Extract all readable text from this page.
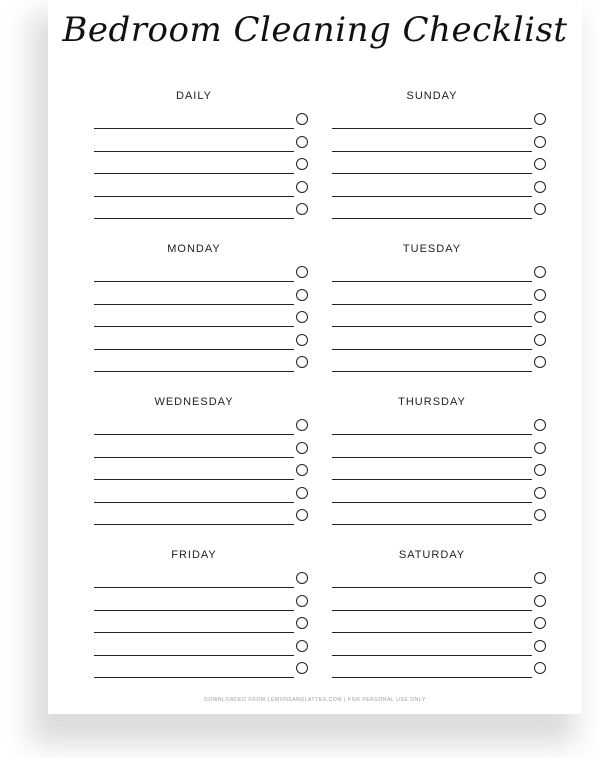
Bedroom Cleaning Checklist
DAILY	SUNDAY
MONDAY	TUESDAY
WEDNESDAY	THURSDAY
FRIDAY	SATURDAY
DOWNLOADED FROM LEMONSANDLATTES.COM | FOR PERSONAL USE ONLY
